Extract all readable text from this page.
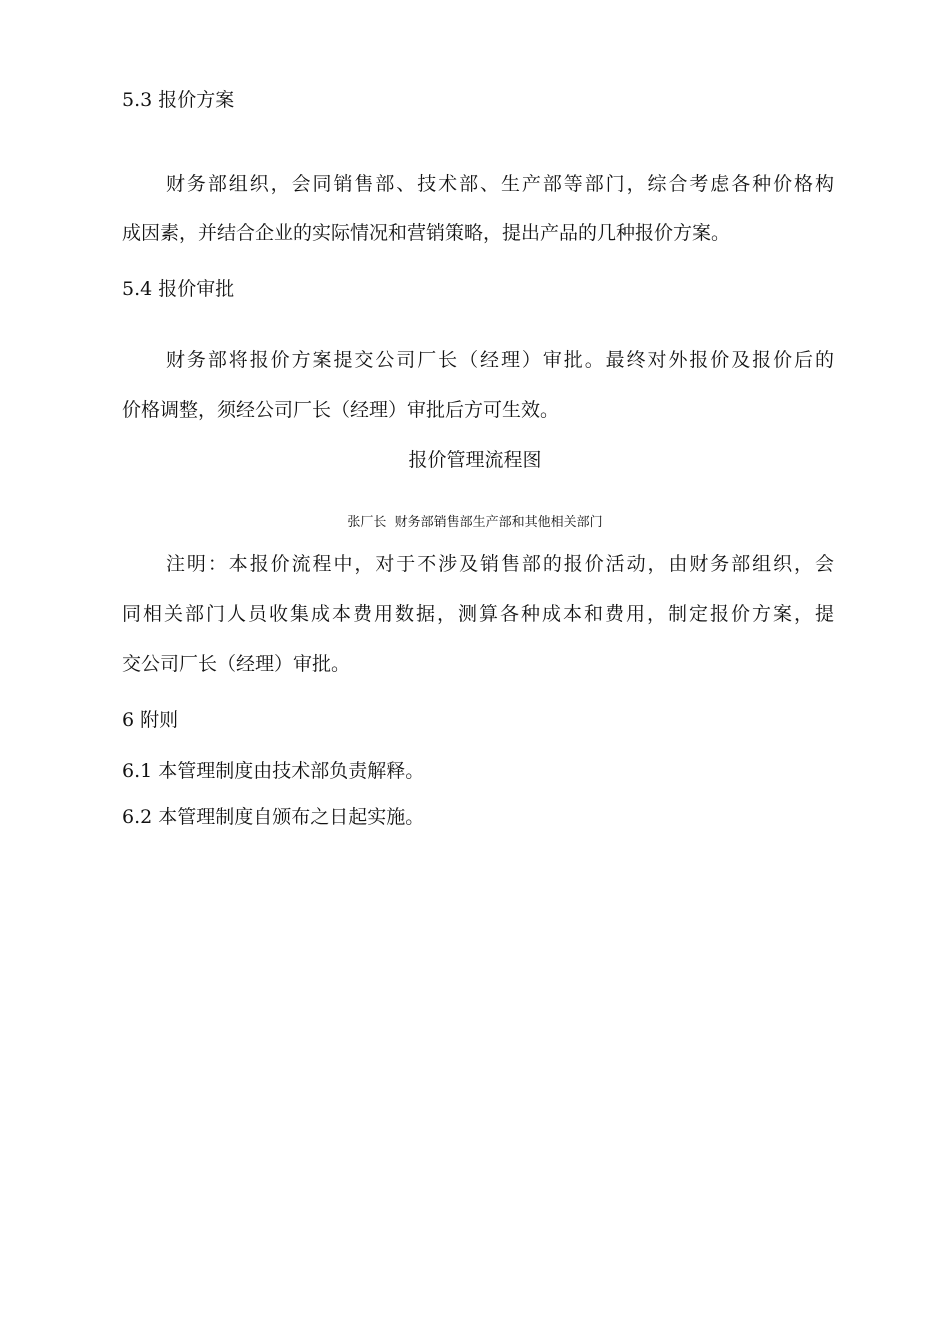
5.3 报价方案
财务部组织，会同销售部、技术部、生产部等部门，综合考虑各种价格构
成因素，并结合企业的实际情况和营销策略，提出产品的几种报价方案。
5.4 报价审批
财务部将报价方案提交公司厂长（经理）审批。最终对外报价及报价后的
价格调整，须经公司厂长（经理）审批后方可生效。
报价管理流程图
张厂长  财务部销售部生产部和其他相关部门
注明：本报价流程中，对于不涉及销售部的报价活动，由财务部组织，会
同相关部门人员收集成本费用数据，测算各种成本和费用，制定报价方案，提
交公司厂长（经理）审批。
6 附则
6.1 本管理制度由技术部负责解释。
6.2 本管理制度自颁布之日起实施。
